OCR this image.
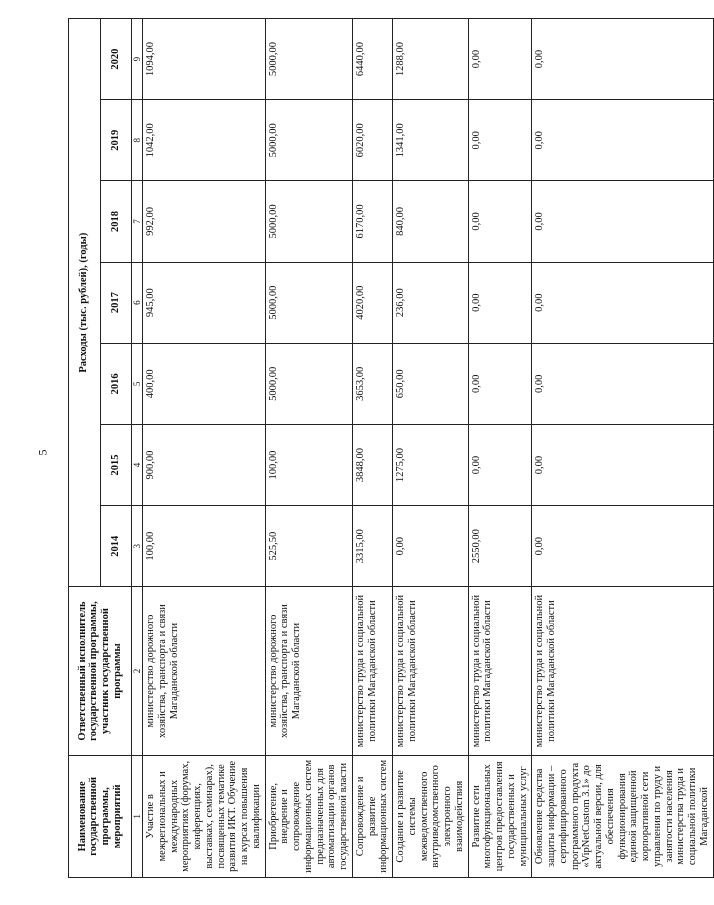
5
Наименование государственной программы, мероприятий	Ответственный исполнитель государственной программы, участник государственной программы	Расходы (тыс. рублей), (годы)						
		2014	2015	2016	2017	2018	2019	2020
1	2	3	4	5	6	7	8	9
Участие в межрегиональных и международных мероприятиях (форумах, конференциях, выставках, семинарах), посвященных тематике развития ИКТ. Обучение на курсах повышения квалификации	министерство дорожного хозяйства, транспорта и связи Магаданской области	100,00	900,00	400,00	945,00	992,00	1042,00	1094,00
Приобретение, внедрение и сопровождение информационных систем предназначенных для автоматизации органов государственной власти	министерство дорожного хозяйства, транспорта и связи Магаданской области	525,50	100,00	5000,00	5000,00	5000,00	5000,00	5000,00
Сопровождение и развитие информационных систем	министерство труда и социальной политики Магаданской области	3315,00	3848,00	3653,00	4020,00	6170,00	6020,00	6440,00
Создание и развитие системы межведомственного внутриведомственного электронного взаимодействия	министерство труда и социальной политики Магаданской области	0,00	1275,00	650,00	236,00	840,00	1341,00	1288,00
Развитие сети многофункциональных центров предоставления государственных и муниципальных услуг	министерство труда и социальной политики Магаданской области	2550,00	0,00	0,00	0,00	0,00	0,00	0,00
Обновление средства защиты информации – сертифицированного программного продукта «VipNetCustom 3.1» до актуальной версии, для обеспечения функционирования единой защищенной корпоративной сети управления по труду и занятости населения министерства труда и социальной политики Магаданской	министерство труда и социальной политики Магаданской области	0,00	0,00	0,00	0,00	0,00	0,00	0,00
